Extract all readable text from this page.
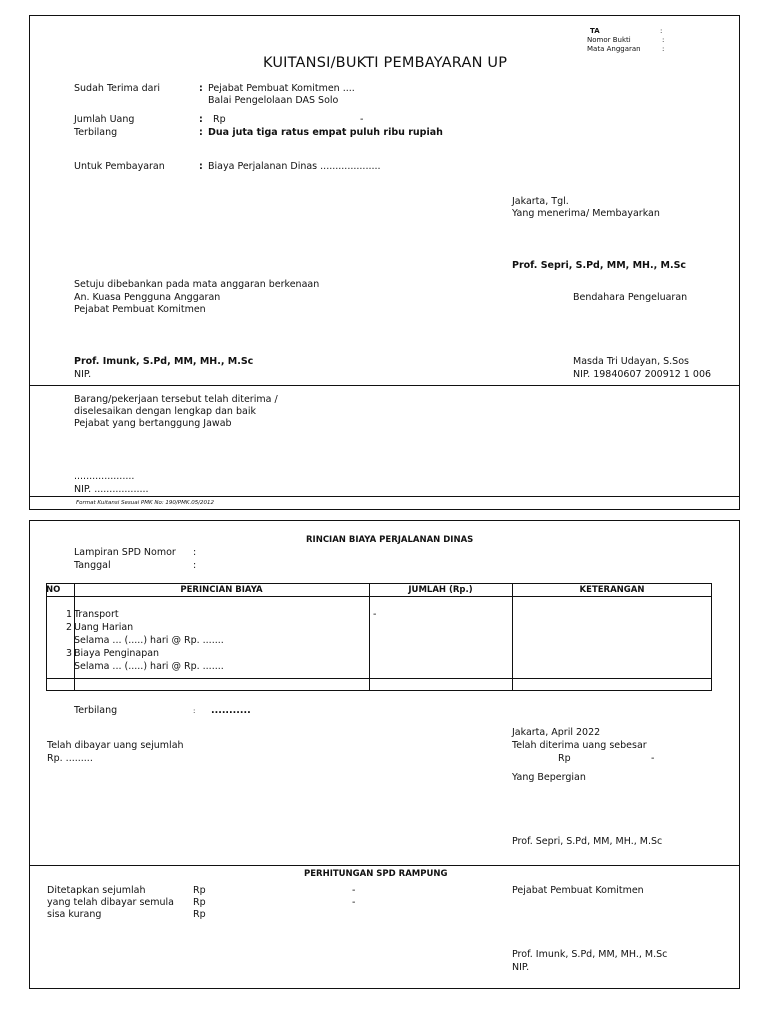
TA	:
Nomor Bukti	:
Mata Anggaran	:
KUITANSI/BUKTI PEMBAYARAN UP
Sudah Terima dari	: Pejabat Pembuat Komitmen ....
Balai Pengelolaan DAS Solo
Jumlah Uang	: Rp	-
Terbilang	: Dua juta tiga ratus empat puluh ribu rupiah
Untuk Pembayaran	: Biaya Perjalanan Dinas ....................
Jakarta, Tgl.
Yang menerima/ Membayarkan
Prof. Sepri, S.Pd, MM, MH., M.Sc
Setuju dibebankan pada mata anggaran berkenaan
An. Kuasa Pengguna Anggaran
Pejabat Pembuat Komitmen
Bendahara Pengeluaran
Prof. Imunk, S.Pd, MM, MH., M.Sc
NIP.
Masda Tri Udayan, S.Sos
NIP. 19840607 200912 1 006
Barang/pekerjaan tersebut telah diterima /
diselesaikan dengan lengkap dan baik
Pejabat yang bertanggung Jawab
....................
NIP. ..................
Format Kuitansi Sesuai PMK No: 190/PMK.05/2012
RINCIAN BIAYA PERJALANAN DINAS
Lampiran SPD Nomor :
Tanggal	:
NO	PERINCIAN BIAYA	JUMLAH (Rp.)	KETERANGAN
1 Transport	-
2 Uang Harian
Selama ... (.....) hari @ Rp. .......
3 Biaya Penginapan
Selama ... (.....) hari @ Rp. .......
Terbilang	: ...........
Jakarta, April 2022
Telah dibayar uang sejumlah
Rp. .........
Telah diterima uang sebesar
Rp	-
Yang Bepergian
Prof. Sepri, S.Pd, MM, MH., M.Sc
PERHITUNGAN SPD RAMPUNG
Ditetapkan sejumlah	Rp	-
yang telah dibayar semula Rp	-
sisa kurang	Rp
Pejabat Pembuat Komitmen
Prof. Imunk, S.Pd, MM, MH., M.Sc
NIP.
